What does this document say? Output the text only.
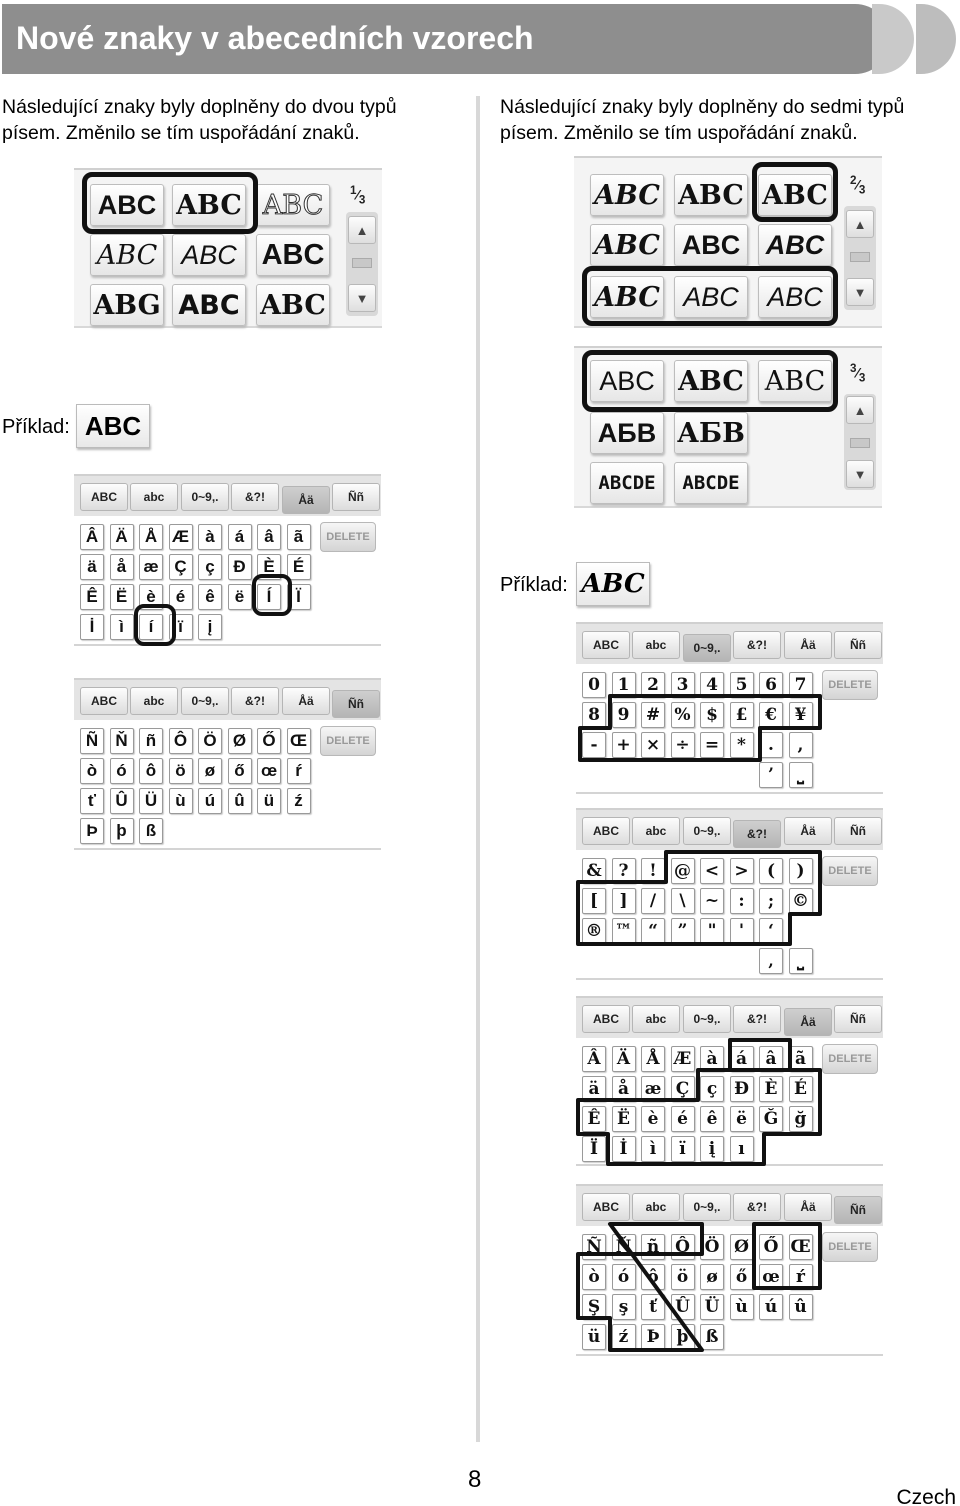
Nové znaky v abecedních vzorech
Následující znaky byly doplněny do dvou typů
písem. Změnilo se tím uspořádání znaků.
Následující znaky byly doplněny do sedmi typů
písem. Změnilo se tím uspořádání znaků.
ABC ABC ABC
ABC ABC ABC
ABG ABC ABC
$^1⁄_3$
▲
▼
Příklad: ABC
ABC ABC ABC
ABC ABC ABC
ABC ABC	ABC
$^2⁄_3$
▲
▼
ABC ABC ABC
АБВ АБВ
ABCDE	ABCDE
$^3⁄_3$
▲
▼
Příklad: ABC
ABC	abc	0~9,.	&?!	Åä	Ññ
Â	Ä	Å Æ à	á	â	ã
ä	å	æ Ç	ç	Ð	È	É
Ê	Ë	è	é	ê	ë	Í	Ï
İ	ì	í	ï	į
DELETE
ABC	abc	0~9,.	&?!	Åä	Ññ
Ñ	Ň	ñ	Ô Ö Ø Ő Œ
ò	ó	ô	ö	ø	ő œ	ŕ
ť	Û	Ü	ù	ú	û	ü	ź
Þ	þ	ß
DELETE
ABC	abc	0~9,.	&?!	Åä	Ññ
0	1	2	3	4	5	6	7
8	9 # % $	£	€	¥
-	+ × ÷ =	*	.	,
’	⎵
DELETE
ABC	abc	0~9,.	&?!	Åä	Ññ
& ?	!	@ < >	(	)
[	]	/	\	~	:	;	©
® ™ “	”	"	'	‘
‚	⎵
DELETE
ABC	abc	0~9,.	&?!	Åä	Ññ
Â Ä Å Æ à	á	â	ã
ä	å æ Ç	ç Ð È É
Ê Ë	è	é	ê	ë Ğ ğ
Ï	İ	ì	ï	į	ı
DELETE
ABC	abc	0~9,.	&?!	Åä	Ññ
Ñ Ň ñ Ô Ö Ø Ő Œ
ò	ó	ô	ö	ø	ő œ ŕ
Ş	ş	ť	Û Ü ù	ú	û
ü	ź	Þ	þ	ß
DELETE
8
Czech
